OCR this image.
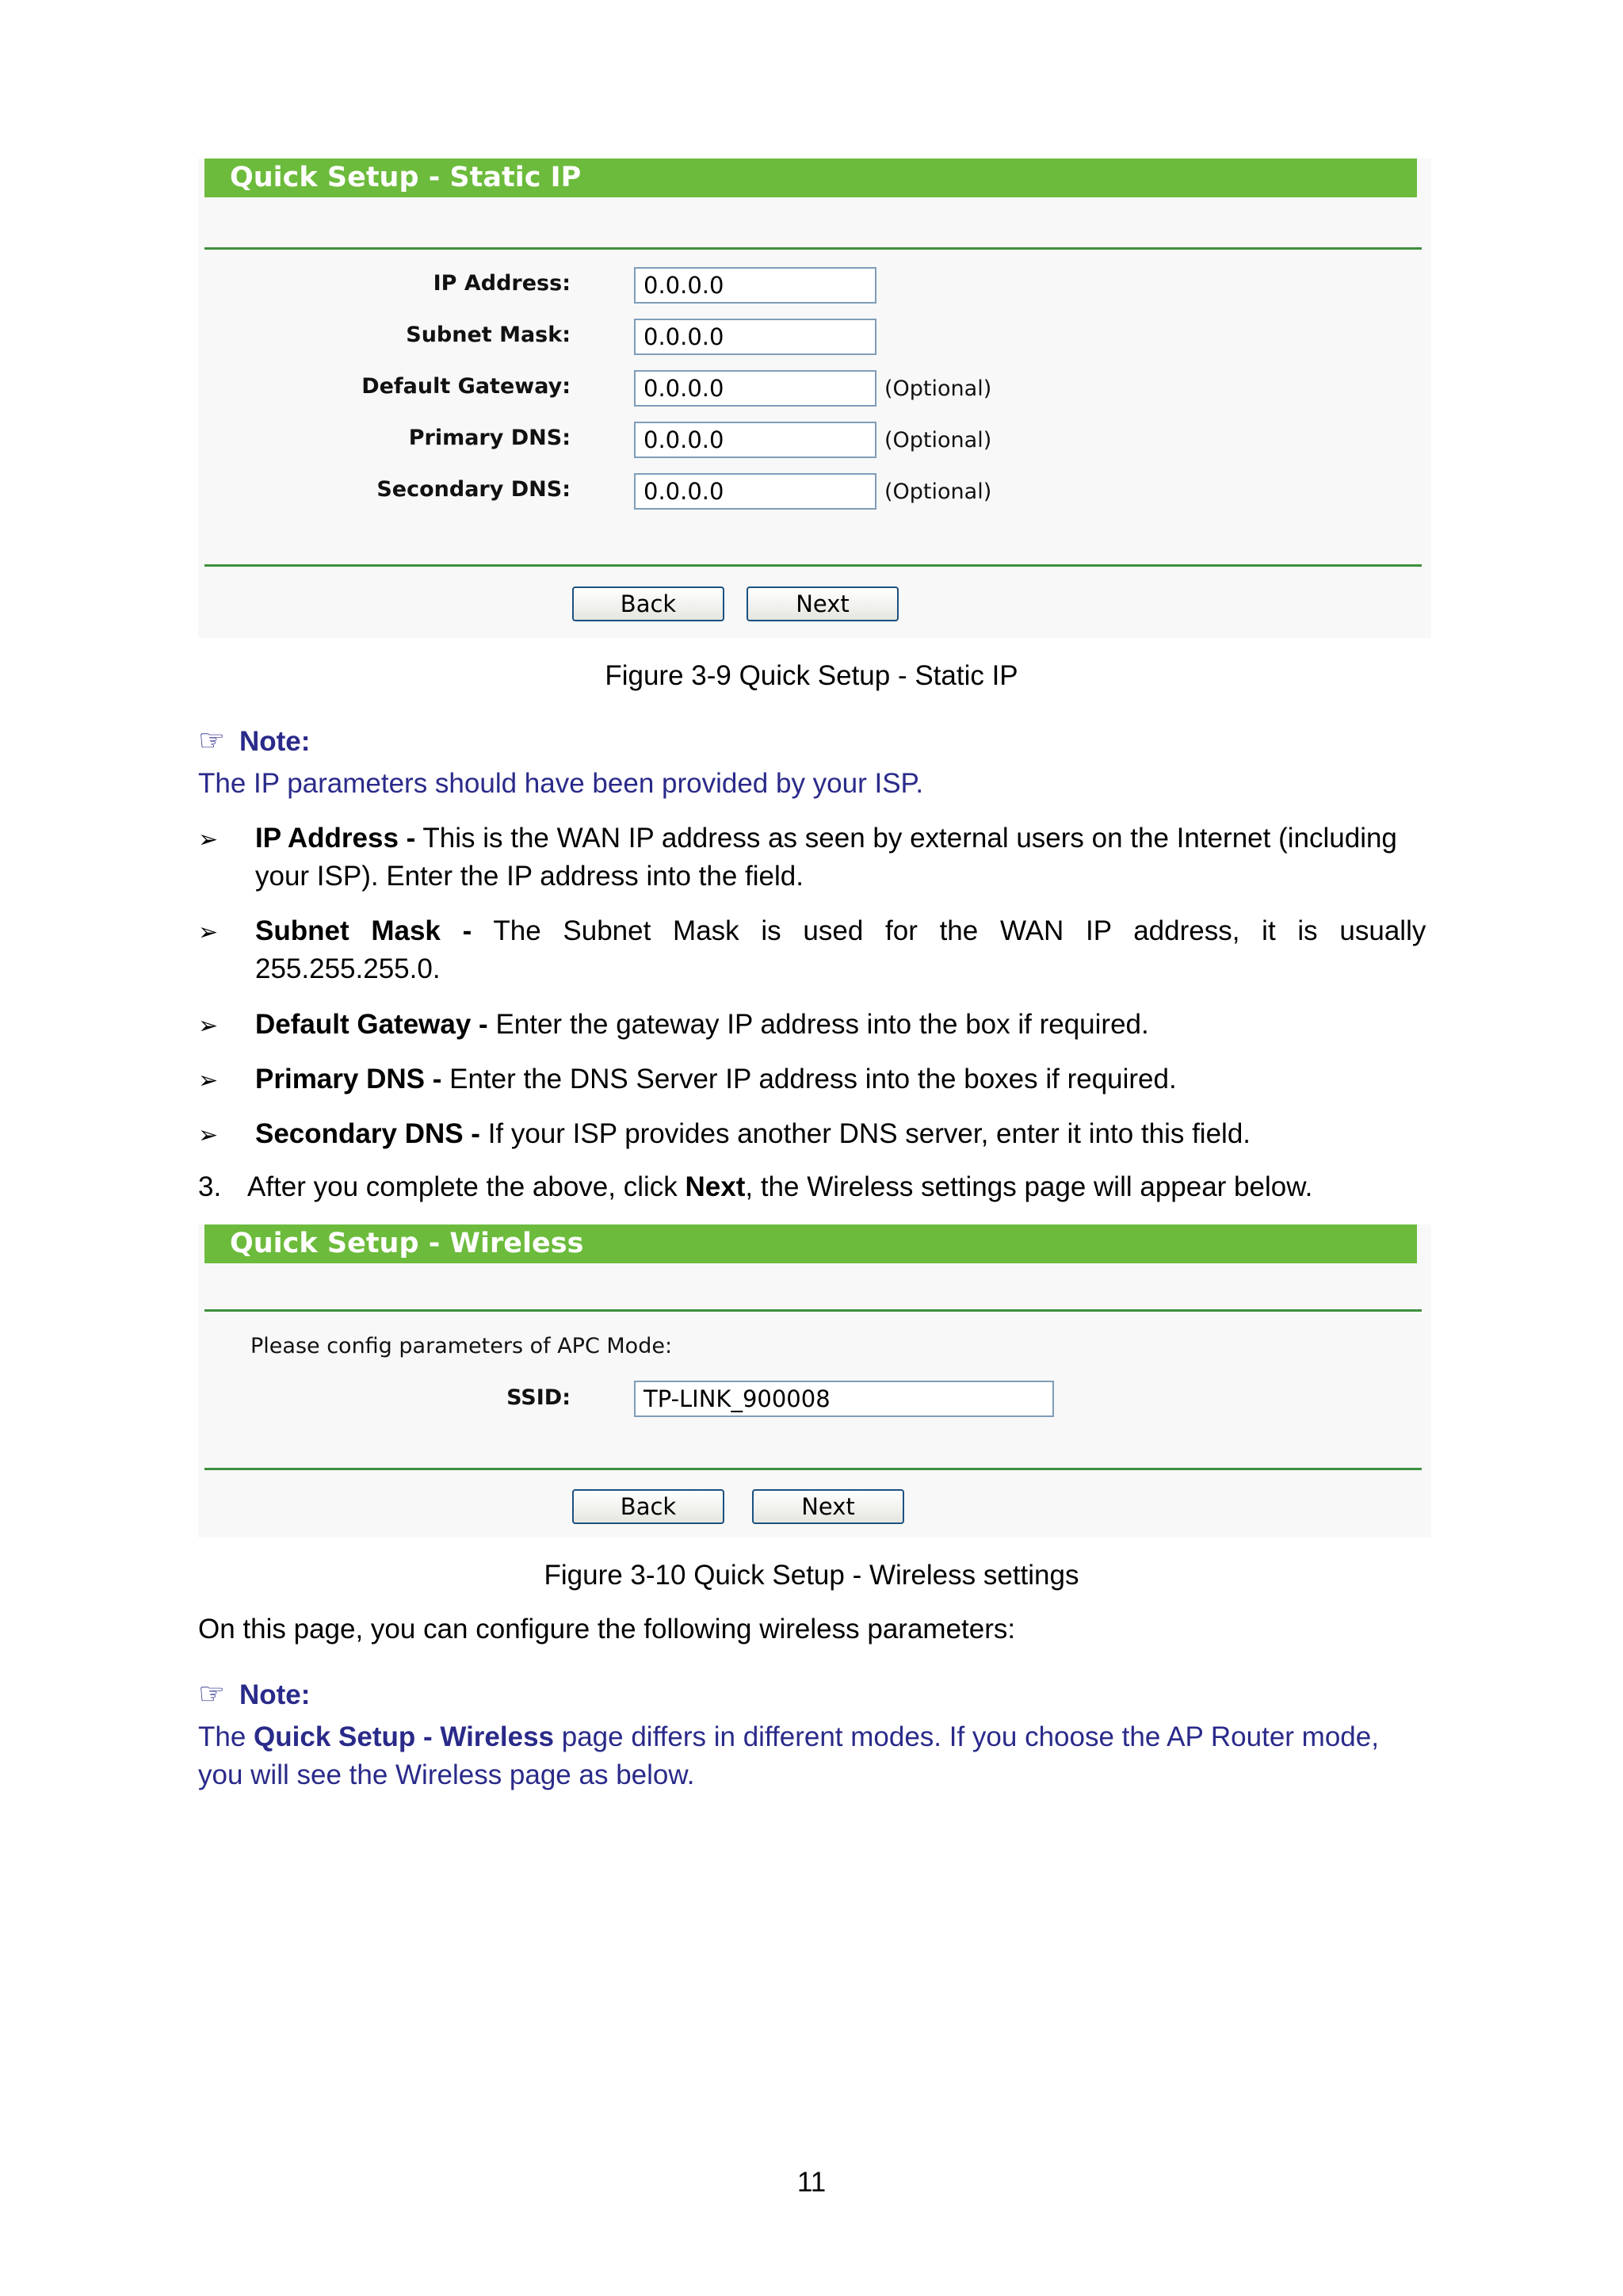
Quick Setup - Static IP
IP Address:	0.0.0.0
Subnet Mask:	0.0.0.0
Default Gateway:	0.0.0.0	(Optional)
Primary DNS:	0.0.0.0	(Optional)
Secondary DNS:	0.0.0.0	(Optional)
Back	Next
Figure 3-9 Quick Setup - Static IP
☞ Note:
The IP parameters should have been provided by your ISP.
➢ IP Address - This is the WAN IP address as seen by external users on the Internet (including
your ISP). Enter the IP address into the field.
➢ Subnet Mask - The Subnet Mask is used for the WAN IP address, it is usually
255.255.255.0.
➢ Default Gateway - Enter the gateway IP address into the box if required.
➢ Primary DNS - Enter the DNS Server IP address into the boxes if required.
➢ Secondary DNS - If your ISP provides another DNS server, enter it into this field.
3. After you complete the above, click Next, the Wireless settings page will appear below.
Quick Setup - Wireless
Please config parameters of APC Mode:
SSID:	TP-LINK_900008
Back	Next
Figure 3-10 Quick Setup - Wireless settings
On this page, you can configure the following wireless parameters:
☞ Note:
The Quick Setup - Wireless page differs in different modes. If you choose the AP Router mode,
you will see the Wireless page as below.
11
